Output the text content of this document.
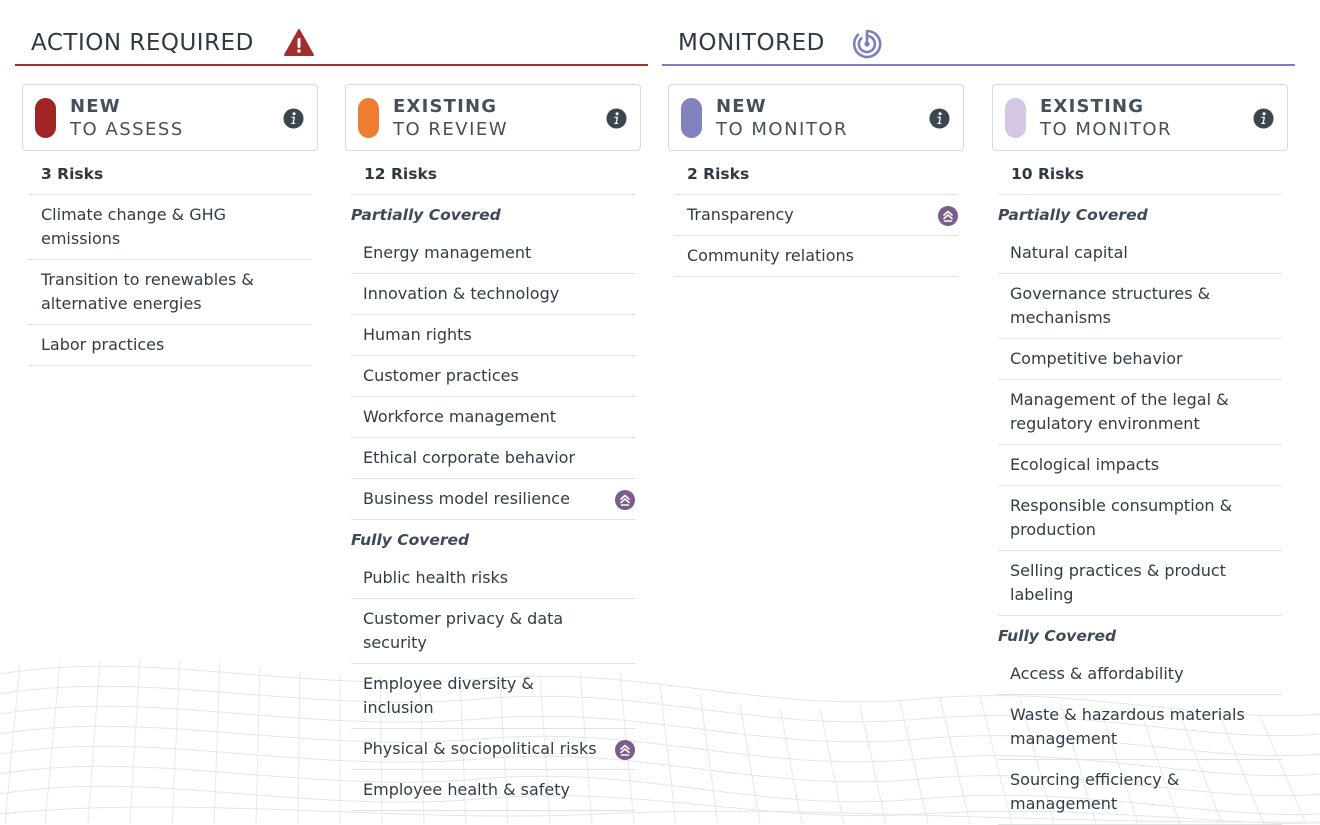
ACTION REQUIRED	MONITORED
NEW
TO ASSESS
3 Risks
Climate change & GHG emissions
Transition to renewables & alternative energies
Labor practices
EXISTING
TO REVIEW
12 Risks
Partially Covered
Energy management
Innovation & technology
Human rights
Customer practices
Workforce management
Ethical corporate behavior
Business model resilience
Fully Covered
Public health risks
Customer privacy & data security
Employee diversity & inclusion
Physical & sociopolitical risks
Employee health & safety
NEW
TO MONITOR
2 Risks
Transparency
Community relations
EXISTING
TO MONITOR
10 Risks
Partially Covered
Natural capital
Governance structures & mechanisms
Competitive behavior
Management of the legal & regulatory environment
Ecological impacts
Responsible consumption & production
Selling practices & product labeling
Fully Covered
Access & affordability
Waste & hazardous materials management
Sourcing efficiency & management
